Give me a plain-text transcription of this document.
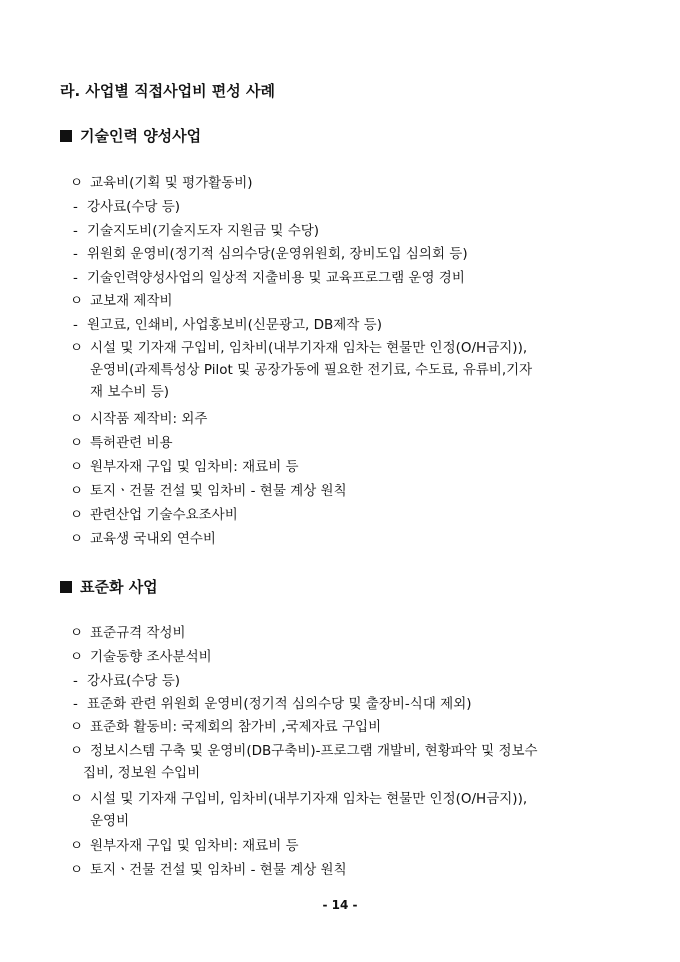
라. 사업별 직접사업비 편성 사례
기술인력 양성사업
ㅇ 교육비(기획 및 평가활동비)
- 강사료(수당 등)
- 기술지도비(기술지도자 지원금 및 수당)
- 위원회 운영비(정기적 심의수당(운영위원회, 장비도입 심의회 등)
- 기술인력양성사업의 일상적 지출비용 및 교육프로그램 운영 경비
ㅇ 교보재 제작비
- 원고료, 인쇄비, 사업홍보비(신문광고, DB제작 등)
ㅇ 시설 및 기자재 구입비, 임차비(내부기자재 임차는 현물만 인정(O/H금지)),
운영비(과제특성상 Pilot 및 공장가동에 필요한 전기료, 수도료, 유류비,기자
재 보수비 등)
ㅇ 시작품 제작비: 외주
ㅇ 특허관련 비용
ㅇ 원부자재 구입 및 임차비: 재료비 등
ㅇ 토지ㆍ건물 건설 및 임차비 - 현물 계상 원칙
ㅇ 관련산업 기술수요조사비
ㅇ 교육생 국내외 연수비
표준화 사업
ㅇ 표준규격 작성비
ㅇ 기술동향 조사분석비
- 강사료(수당 등)
- 표준화 관련 위원회 운영비(정기적 심의수당 및 출장비-식대 제외)
ㅇ 표준화 활동비: 국제회의 참가비 ,국제자료 구입비
ㅇ 정보시스템 구축 및 운영비(DB구축비)-프로그램 개발비, 현황파악 및 정보수
집비, 정보원 수입비
ㅇ 시설 및 기자재 구입비, 임차비(내부기자재 임차는 현물만 인정(O/H금지)),
운영비
ㅇ 원부자재 구입 및 임차비: 재료비 등
ㅇ 토지ㆍ건물 건설 및 임차비 - 현물 계상 원칙
- 14 -
